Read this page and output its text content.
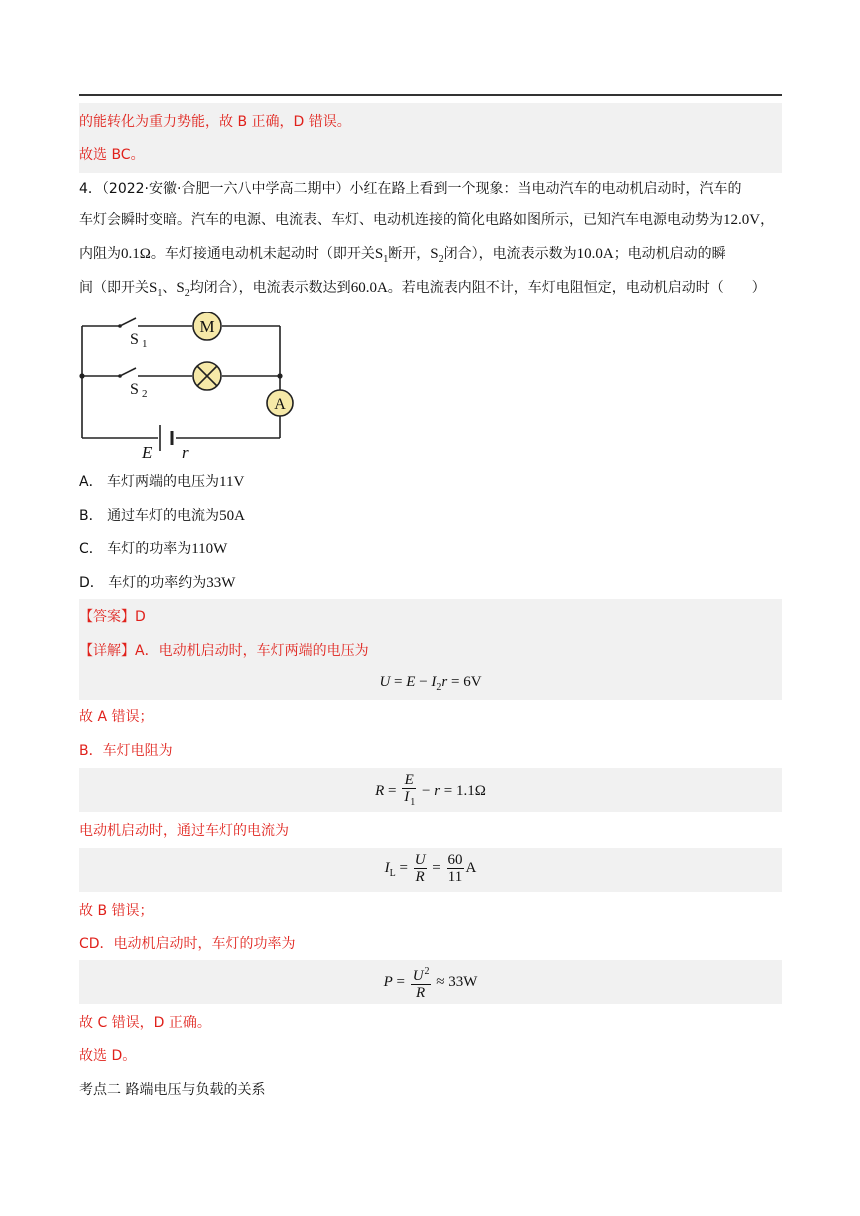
的能转化为重力势能，故 B 正确，D 错误。
故选 BC。
4．（2022·安徽·合肥一六八中学高二期中）小红在路上看到一个现象：当电动汽车的电动机启动时，汽车的
车灯会瞬时变暗。汽车的电源、电流表、车灯、电动机连接的简化电路如图所示，已知汽车电源电动势为12.0V，
内阻为0.1Ω。车灯接通电动机未起动时（即开关$S_1$断开，$S_2$闭合），电流表示数为10.0A；电动机启动的瞬
间（即开关$S_1$、$S_2$均闭合），电流表示数达到60.0A。若电流表内阻不计，车灯电阻恒定，电动机启动时（　　）
M
A
S 1
S 2
E r
A． 车灯两端的电压为11V
B． 通过车灯的电流为50A
C． 车灯的功率为110W
D． 车灯的功率约为33W
【答案】D
【详解】A．电动机启动时，车灯两端的电压为
$U = E - I_2r = 6V$
故 A 错误；
B．车灯电阻为
$R = \frac{E}{I_1} - r = 1.1\Omega$
电动机启动时，通过车灯的电流为
$I_L = \frac{U}{R} = \frac{60}{11}$ A
故 B 错误；
CD．电动机启动时，车灯的功率为
$P = \frac{U^2}{R} \approx 33W$
故 C 错误，D 正确。
故选 D。
考点二 路端电压与负载的关系
